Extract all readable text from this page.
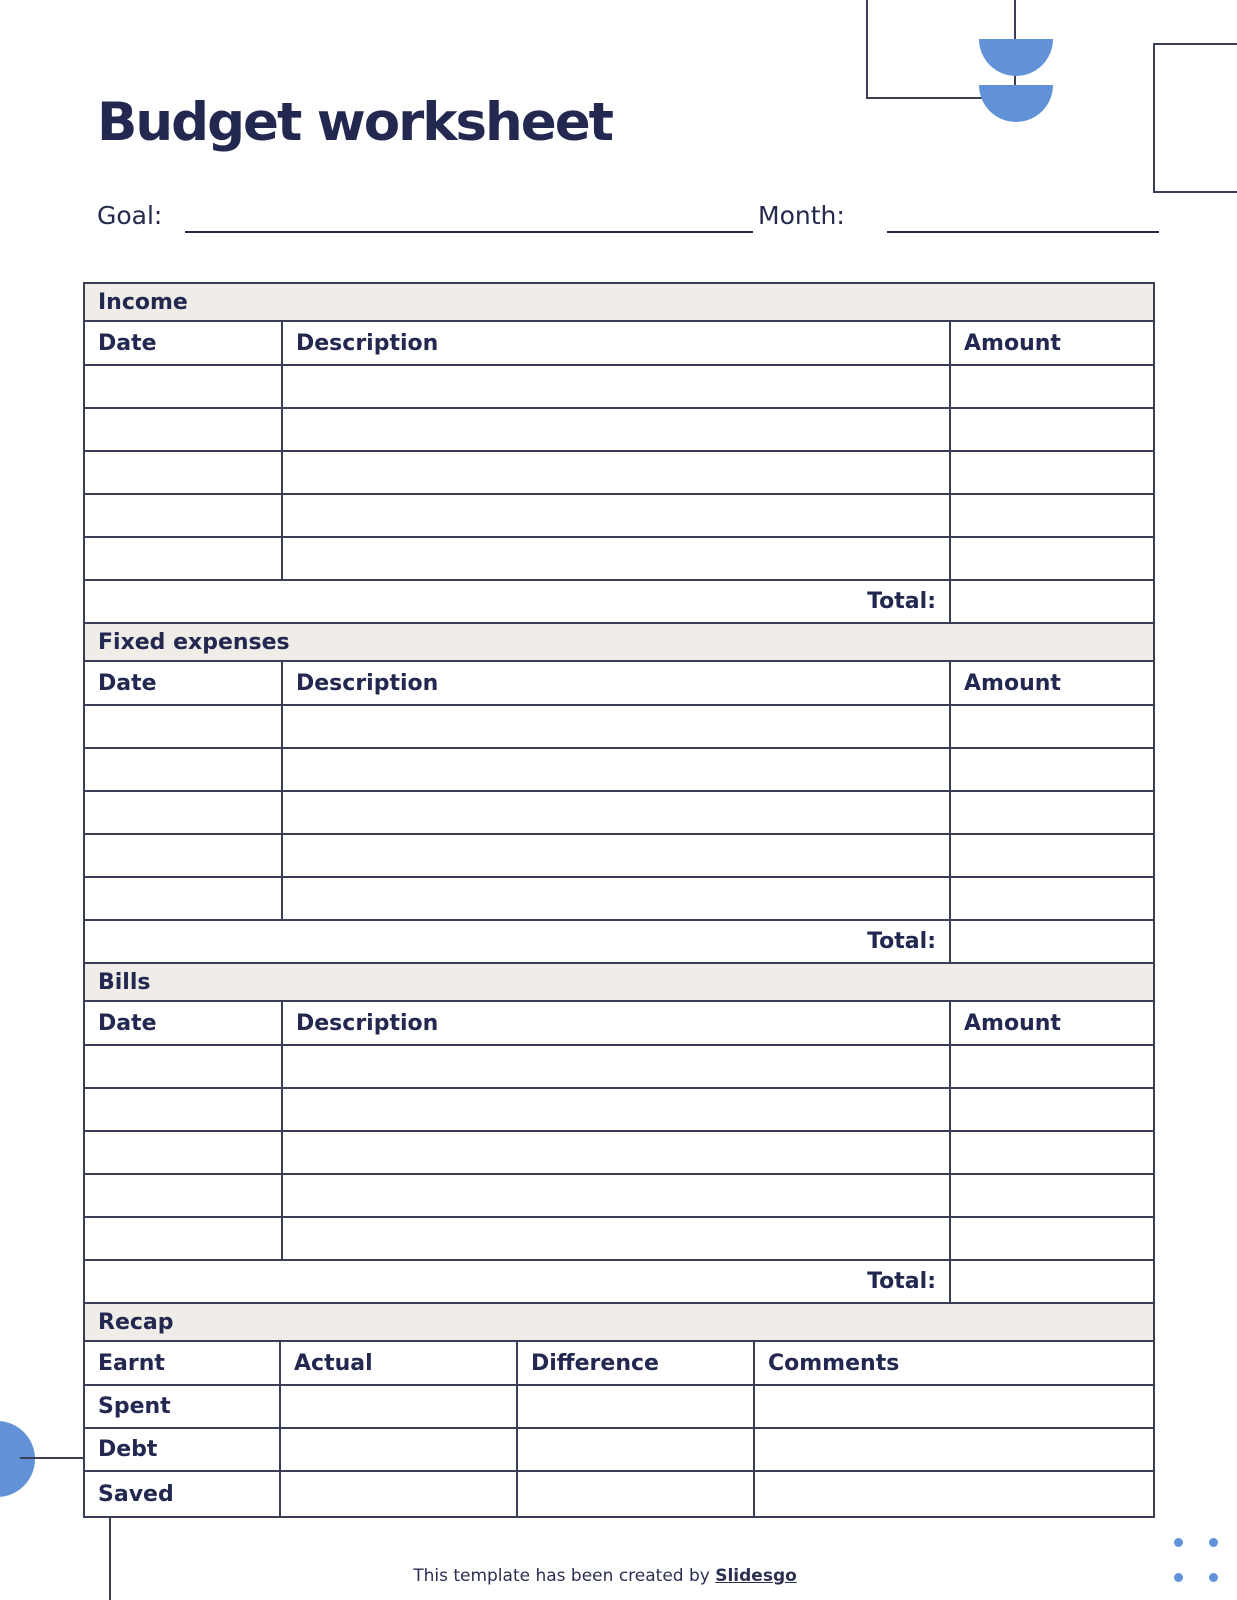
Budget worksheet
Goal:	Month:
Income
Date	Description	Amount
Total:
Fixed expenses
Date	Description	Amount
Total:
Bills
Date	Description	Amount
Total:
Recap
Earnt	Actual	Difference	Comments
Spent
Debt
Saved
This template has been created by Slidesgo
